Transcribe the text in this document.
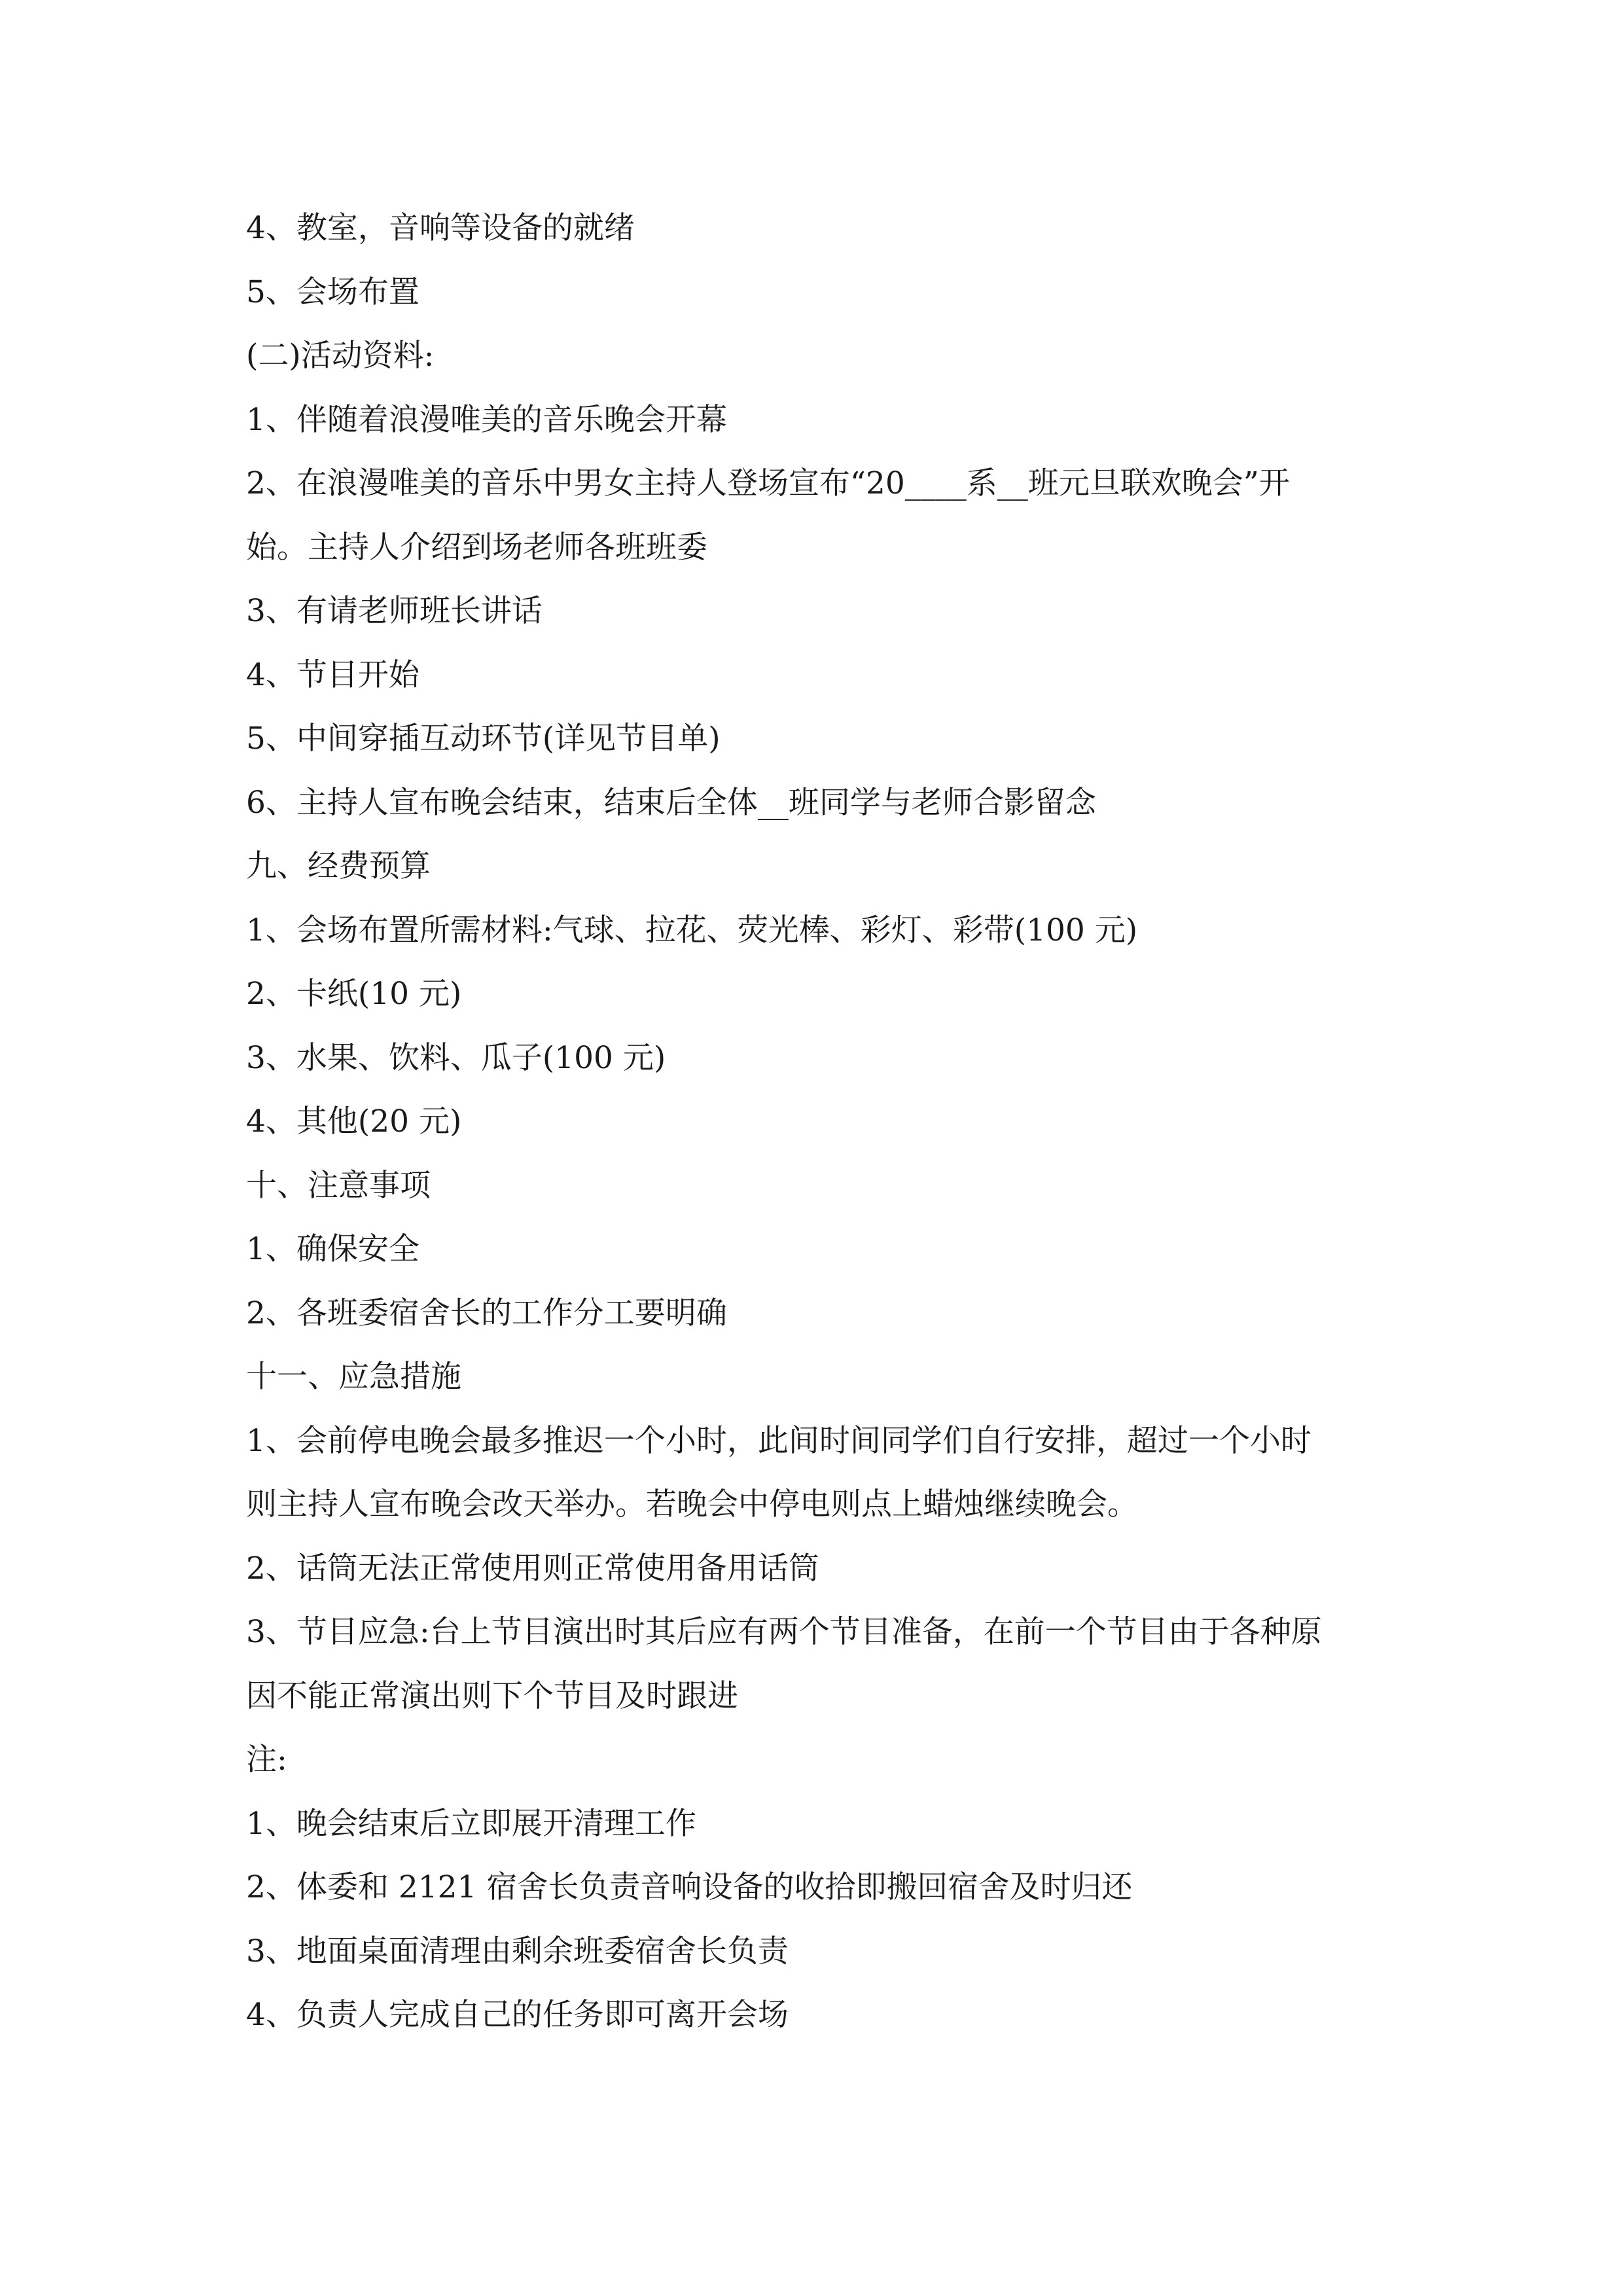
4、教室，音响等设备的就绪

5、会场布置

(二)活动资料:

1、伴随着浪漫唯美的音乐晚会开幕

2、在浪漫唯美的音乐中男女主持人登场宣布“20____系__班元旦联欢晚会”开

始。主持人介绍到场老师各班班委

3、有请老师班长讲话

4、节目开始

5、中间穿插互动环节(详见节目单)

6、主持人宣布晚会结束，结束后全体__班同学与老师合影留念

九、经费预算

1、会场布置所需材料:气球、拉花、荧光棒、彩灯、彩带(100 元)

2、卡纸(10 元)

3、水果、饮料、瓜子(100 元)

4、其他(20 元)

十、注意事项

1、确保安全

2、各班委宿舍长的工作分工要明确

十一、应急措施

1、会前停电晚会最多推迟一个小时，此间时间同学们自行安排，超过一个小时

则主持人宣布晚会改天举办。若晚会中停电则点上蜡烛继续晚会。

2、话筒无法正常使用则正常使用备用话筒

3、节目应急:台上节目演出时其后应有两个节目准备，在前一个节目由于各种原

因不能正常演出则下个节目及时跟进

注:

1、晚会结束后立即展开清理工作

2、体委和 2121 宿舍长负责音响设备的收拾即搬回宿舍及时归还

3、地面桌面清理由剩余班委宿舍长负责

4、负责人完成自己的任务即可离开会场
